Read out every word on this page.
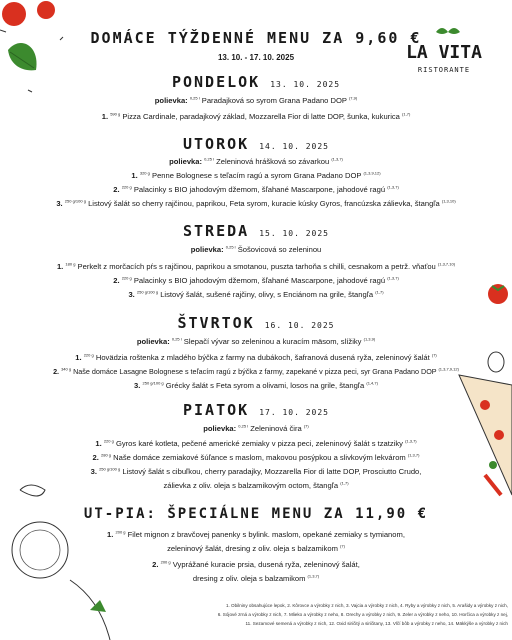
LA VITA
RISTORANTE
DOMÁCE TÝŽDENNÉ MENU ZA 9,60 €
13. 10. - 17. 10. 2025
PONDELOK 13. 10. 2025
polievka: $^{0,25 l}$ Paradajková so syrom Grana Padano DOP $^{(7,9)}$
1. $^{590 g}$ Pizza Cardinale, paradajkový základ, Mozzarella Fior di latte DOP, šunka, kukurica $^{(1,7)}$
UTOROK 14. 10. 2025
polievka: $^{0,25 l}$ Zeleninová hrášková so závarkou $^{(1,3,7)}$
1. $^{320 g}$ Penne Bolognese s teľacím ragú a syrom Grana Padano DOP $^{(1,3,9,12)}$
2. $^{220 g}$ Palacinky s BIO jahodovým džemom, šľahané Mascarpone, jahodové ragú $^{(1,3,7)}$
3. $^{250 g/100 g}$ Listový šalát so cherry rajčinou, paprikou, Feta syrom, kuracie kúsky Gyros, francúzska zálievka, štangľa $^{(1,3,10)}$
STREDA 15. 10. 2025
polievka: $^{0,25 l}$ Šošovicová so zeleninou
1. $^{180 g}$ Perkelt z morčacích pŕs s rajčinou, paprikou a smotanou, puszta tarhoňa s chilli, cesnakom a petrž. vňaťou $^{(1,3,7,10)}$
2. $^{220 g}$ Palacinky s BIO jahodovým džemom, šľahané Mascarpone, jahodové ragú $^{(1,3,7)}$
3. $^{250 g/100 g}$ Listový šalát, sušené rajčiny, olivy, s Enciánom na grile, štangľa $^{(1,7)}$
ŠTVRTOK 16. 10. 2025
polievka: $^{0,25 l}$ Slepačí vývar so zeleninou a kuracím mäsom, slížiky $^{(1,3,9)}$
1. $^{220 g}$ Hovädzia roštenka z mladého býčka z farmy na dubákoch, šafranová dusená ryža, zeleninový šalát $^{(7)}$
2. $^{340 g}$ Naše domáce Lasagne Bolognese s teľacím ragú z býčka z farmy, zapekané v pizza peci, syr Grana Padano DOP $^{(1,3,7,9,12)}$
3. $^{250 g/100 g}$ Grécky šalát s Feta syrom a olivami, losos na grile, štangľa $^{(1,4,7)}$
PIATOK 17. 10. 2025
polievka: $^{0,25 l}$ Zeleninová čira $^{(7)}$
1. $^{220 g}$ Gyros karé kotleta, pečené americké zemiaky v pizza peci, zeleninový šalát s tzatziky $^{(1,3,7)}$
2. $^{280 g}$ Naše domáce zemiakové šúľance s maslom, makovou posýpkou a slivkovým lekvárom $^{(1,3,7)}$
3. $^{250 g/100 g}$ Listový šalát s cibuľkou, cherry paradajky, Mozzarella Fior di latte DOP, Prosciutto Crudo,
zálievka z oliv. oleja s balzamikovým octom, štangľa $^{(1,7)}$
UT-PIA: ŠPECIÁLNE MENU ZA 11,90 €
1. $^{200 g}$ Filet mignon z bravčovej panenky s bylink. maslom, opekané zemiaky s tymianom,
zeleninový šalát, dresing z oliv. oleja s balzamikom $^{(7)}$
2. $^{200 g}$ Vyprážané kuracie prsia, dusená ryža, zeleninový šalát,
dresing z oliv. oleja s balzamikom $^{(1,3,7)}$
1. Obilniny obsahujúce lepok, 2. Kôrovce a výrobky z nich, 3. Vajcia a výrobky z nich, 4. Ryby a výrobky z nich, 5. Arašidy a výrobky z nich,
6. Sójové zrná a výrobky z nich, 7. Mlieko a výrobky z neho, 8. Orechy a výrobky z nich, 9. Zeler a výrobky z neho, 10. Horčica a výrobky z nej,
11. Sezamové semená a výrobky z nich, 12. Oxid siričitý a siričitany, 13. Vlčí bôb a výrobky z neho, 14. Mäkkýše a výrobky z nich
